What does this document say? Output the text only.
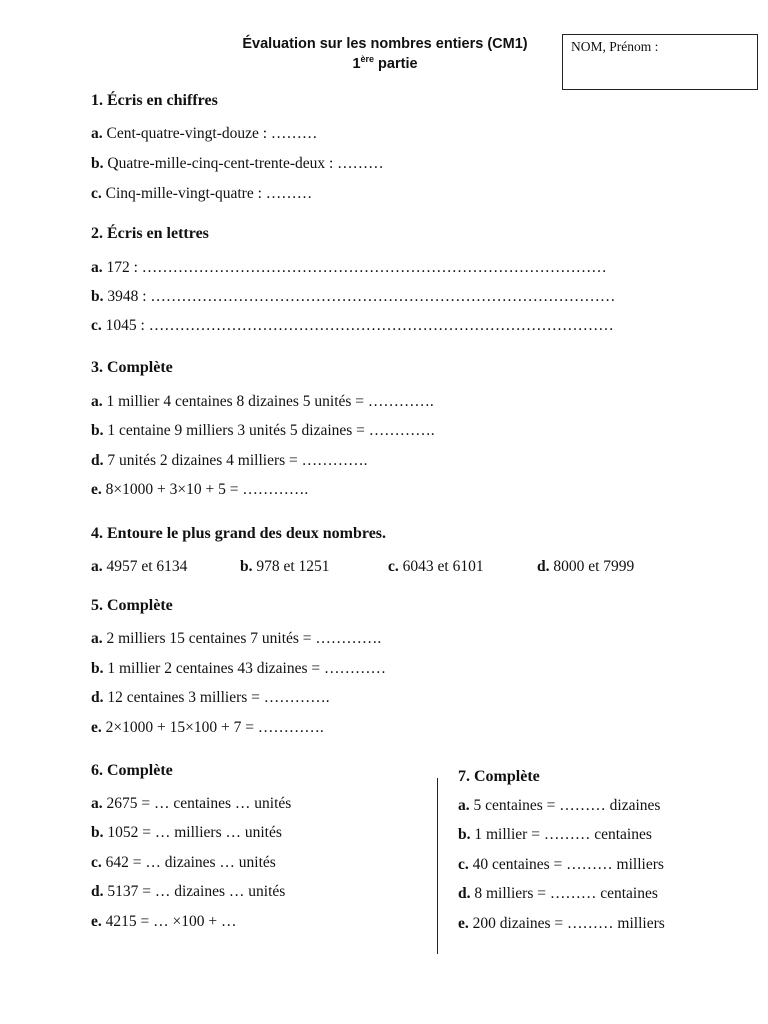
Évaluation sur les nombres entiers (CM1)
1ère partie
NOM, Prénom :
1. Écris en chiffres
a. Cent-quatre-vingt-douze : ………
b. Quatre-mille-cinq-cent-trente-deux : ………
c. Cinq-mille-vingt-quatre : ………
2. Écris en lettres
a. 172 : ………………………………………………………………………………
b. 3948 : ………………………………………………………………………………
c. 1045 : ………………………………………………………………………………
3. Complète
a. 1 millier 4 centaines 8 dizaines 5 unités = ………….
b. 1 centaine 9 milliers 3 unités 5 dizaines = ………….
d. 7 unités 2 dizaines 4 milliers = ………….
e. 8×1000 + 3×10 + 5 = ………….
4. Entoure le plus grand des deux nombres.
a. 4957 et 6134	b. 978 et 1251	c. 6043 et 6101	d. 8000 et 7999
5. Complète
a. 2 milliers 15 centaines 7 unités = ………….
b. 1 millier 2 centaines 43 dizaines = …………
d. 12 centaines 3 milliers = ………….
e. 2×1000 + 15×100 + 7 = ………….
6. Complète
a. 2675 = … centaines … unités
b. 1052 = … milliers … unités
c. 642 = … dizaines … unités
d. 5137 = … dizaines … unités
e. 4215 = … ×100 + …
7. Complète
a. 5 centaines = ……… dizaines
b. 1 millier = ……… centaines
c. 40 centaines = ……… milliers
d. 8 milliers = ……… centaines
e. 200 dizaines = ……… milliers
